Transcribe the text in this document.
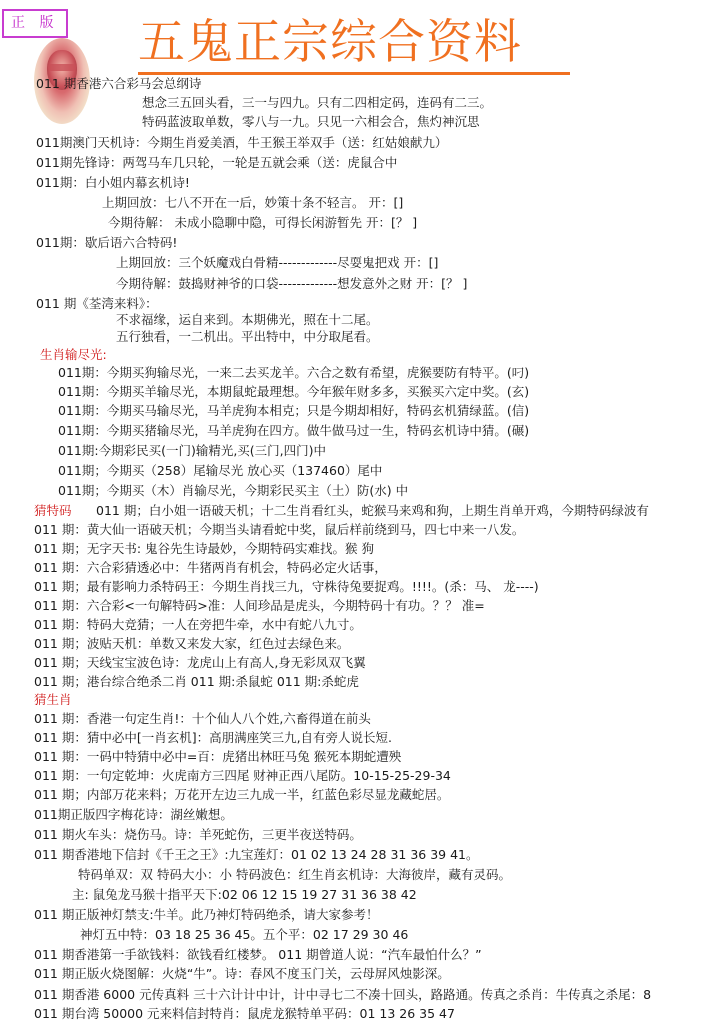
正 版 五鬼正宗综合资料
011 期香港六合彩马会总纲诗
想念三五回头看，三一与四九。只有二四相定码，连码有二三。
特码蓝波取单数，零八与一九。只见一六相会合，焦灼神沉思
011期澳门天机诗：今期生肖爱美酒，牛王猴王举双手（送：红姑娘献九）
011期先锋诗：两驾马车几只轮，一轮是五就会乘（送：虎鼠合中
011期：白小姐内幕玄机诗!
上期回放：七八不开在一后，妙策十条不轻言。 开：[]
今期待解： 未成小隐聊中隐，可得长闲游暂先 开：[？ ]
011期：歇后语六合特码!
上期回放：三个妖魔戏白骨精-------------尽耍鬼把戏 开：[]
今期待解：鼓捣财神爷的口袋-------------想发意外之财 开：[？ ]
011 期《荃湾来料》：
不求福缘，运自来到。本期佛光，照在十二尾。
五行独看，一二机出。平出特中，中分取尾看。
生肖输尽光:
011期：今期买狗输尽光，一来二去买龙羊。六合之数有希望，虎猴要防有特平。(叼)
011期：今期买羊输尽光，本期鼠蛇最理想。今年猴年财多多，买猴买六定中奖。(玄)
011期：今期买马输尽光，马羊虎狗本相克；只是今期却相好，特码玄机猜绿蓝。(信)
011期：今期买猪输尽光，马羊虎狗在四方。做牛做马过一生，特码玄机诗中猜。(碾)
011期:今期彩民买(一门)输精光,买(三门,四门)中
011期；今期买（258）尾输尽光 放心买（137460）尾中
011期；今期买（木）肖输尽光，今期彩民买主（土）防(水) 中
猜特码 011 期；白小姐一语破天机；十二生肖看红头，蛇猴马来鸡和狗，上期生肖单开鸡，今期特码绿波有
011 期：黄大仙一语破天机；今期当头请看蛇中奖，鼠后样前绕到马，四七中来一八发。
011 期；无字天书: 鬼谷先生诗最妙，今期特码实难找。猴 狗
011 期：六合彩猜透必中：牛猪两肖有机会，特码必定火话事，
011 期；最有影响力杀特码王：今期生肖找三九，守株待兔要捉鸡。!!!!。(杀：马、 龙----)
011 期：六合彩<一句解特码>准：人间珍品是虎头，今期特码十有功。？？ 准=
011 期：特码大竞猜；一人在旁把牛牵，水中有蛇八九寸。
011 期；波贴天机：单数又来发大家，红色过去绿色来。
011 期；天线宝宝波色诗：龙虎山上有高人,身无彩凤双飞翼
011 期；港台综合绝杀二肖 011 期:杀鼠蛇 011 期:杀蛇虎
猜生肖
011 期：香港一句定生肖!：十个仙人八个姓,六畜得道在前头
011 期：猜中必中[一肖玄机]：高朋满座笑三九,自有旁人说长短.
011 期：一码中特猜中必中=百：虎猪出林旺马兔 猴死本期蛇遭殃
011 期：一句定乾坤：火虎南方三四尾 财神正西八尾防。10-15-25-29-34
011 期；内部万花来料；万花开左边三九成一半，红蓝色彩尽显龙藏蛇居。
011期正版四字梅花诗：湖丝嫩想。
011 期火车头：烧伤马。诗：羊死蛇伤，三更半夜送特码。
011 期香港地下信封《千王之王》:九宝莲灯：01 02 13 24 28 31 36 39 41。
特码单双：双 特码大小：小 特码波色：红生肖玄机诗：大海彼岸，藏有灵码。
主: 鼠兔龙马猴十指平天下:02 06 12 15 19 27 31 36 38 42
011 期正版神灯禁支:牛羊。此乃神灯特码绝杀，请大家参考！
神灯五中特：03 18 25 36 45。五个平：02 17 29 30 46
011 期香港第一手欲钱料：欲钱看红楼梦。 011 期曾道人说：“汽车最怕什么？”
011 期正版火烧图解：火烧“牛”。诗：春风不度玉门关，云母屏风烛影深。
011 期香港 6000 元传真料 三十六计计中计，计中寻七二不凑十回头，路路通。传真之杀肖：牛传真之杀尾：8
011 期台湾 50000 元来料信封特肖：鼠虎龙猴特单平码：01 13 26 35 47
